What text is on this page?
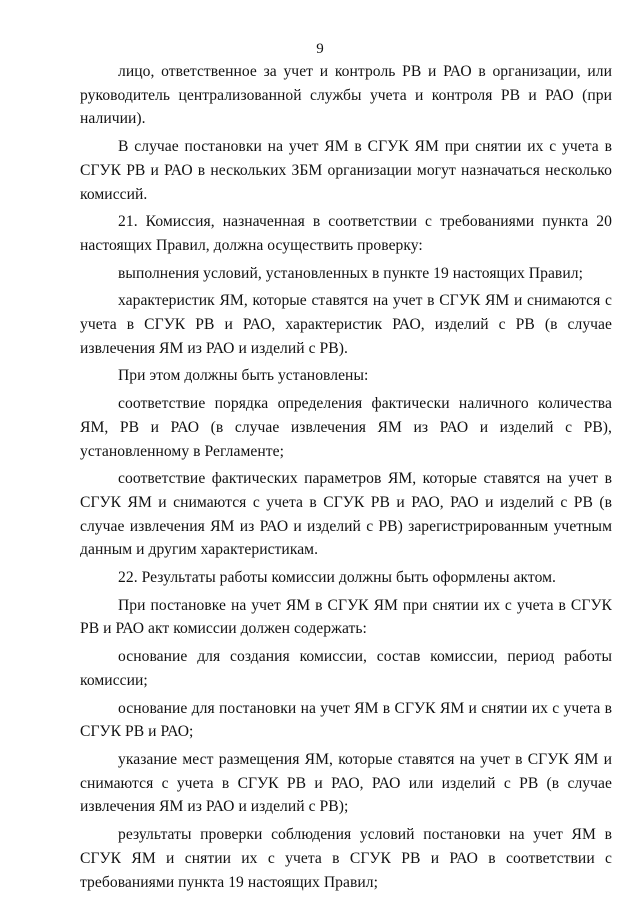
9

лицо, ответственное за учет и контроль РВ и РАО в организации, или руководитель централизованной службы учета и контроля РВ и РАО (при наличии).

В случае постановки на учет ЯМ в СГУК ЯМ при снятии их с учета в СГУК РВ и РАО в нескольких ЗБМ организации могут назначаться несколько комиссий.

21. Комиссия, назначенная в соответствии с требованиями пункта 20 настоящих Правил, должна осуществить проверку:

выполнения условий, установленных в пункте 19 настоящих Правил;

характеристик ЯМ, которые ставятся на учет в СГУК ЯМ и снимаются с учета в СГУК РВ и РАО, характеристик РАО, изделий с РВ (в случае извлечения ЯМ из РАО и изделий с РВ).

При этом должны быть установлены:

соответствие порядка определения фактически наличного количества ЯМ, РВ и РАО (в случае извлечения ЯМ из РАО и изделий с РВ), установленному в Регламенте;

соответствие фактических параметров ЯМ, которые ставятся на учет в СГУК ЯМ и снимаются с учета в СГУК РВ и РАО, РАО и изделий с РВ (в случае извлечения ЯМ из РАО и изделий с РВ) зарегистрированным учетным данным и другим характеристикам.

22. Результаты работы комиссии должны быть оформлены актом.

При постановке на учет ЯМ в СГУК ЯМ при снятии их с учета в СГУК РВ и РАО акт комиссии должен содержать:

основание для создания комиссии, состав комиссии, период работы комиссии;

основание для постановки на учет ЯМ в СГУК ЯМ и снятии их с учета в СГУК РВ и РАО;

указание мест размещения ЯМ, которые ставятся на учет в СГУК ЯМ и снимаются с учета в СГУК РВ и РАО, РАО или изделий с РВ (в случае извлечения ЯМ из РАО и изделий с РВ);

результаты проверки соблюдения условий постановки на учет ЯМ в СГУК ЯМ и снятии их с учета в СГУК РВ и РАО в соответствии с требованиями пункта 19 настоящих Правил;
